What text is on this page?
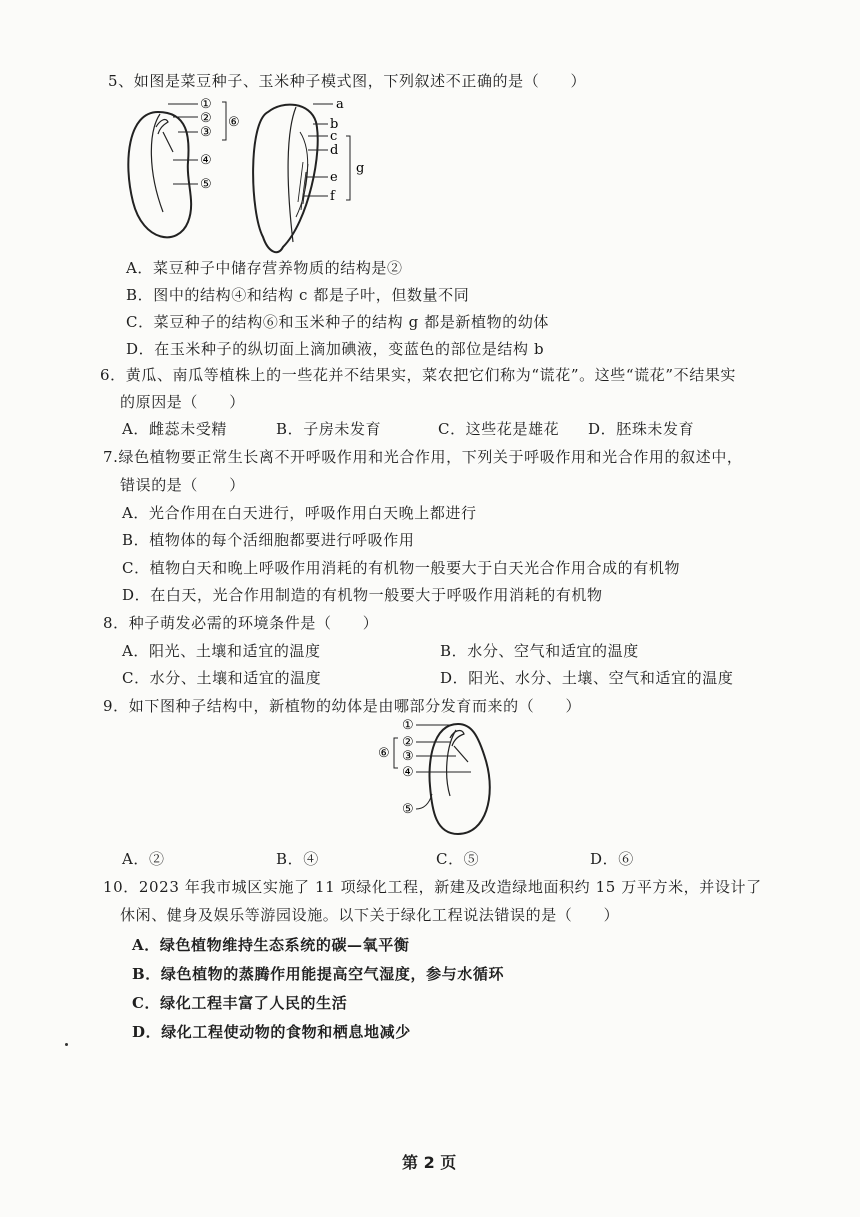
5、如图是菜豆种子、玉米种子模式图，下列叙述不正确的是（　　）
①
②
③
④
⑤
⑥
a
b
c
d
e
f
g
A．菜豆种子中储存营养物质的结构是②
B．图中的结构④和结构 c 都是子叶，但数量不同
C．菜豆种子的结构⑥和玉米种子的结构 g 都是新植物的幼体
D．在玉米种子的纵切面上滴加碘液，变蓝色的部位是结构 b
6．黄瓜、南瓜等植株上的一些花并不结果实，菜农把它们称为“谎花”。这些“谎花”不结果实
的原因是（　　）
A．雌蕊未受精	B．子房未发育	C．这些花是雄花 D．胚珠未发育
7.绿色植物要正常生长离不开呼吸作用和光合作用，下列关于呼吸作用和光合作用的叙述中，
错误的是（　　）
A．光合作用在白天进行，呼吸作用白天晚上都进行
B．植物体的每个活细胞都要进行呼吸作用
C．植物白天和晚上呼吸作用消耗的有机物一般要大于白天光合作用合成的有机物
D．在白天，光合作用制造的有机物一般要大于呼吸作用消耗的有机物
8．种子萌发必需的环境条件是（　　）
A．阳光、土壤和适宜的温度	B．水分、空气和适宜的温度
C．水分、土壤和适宜的温度	D．阳光、水分、土壤、空气和适宜的温度
9．如下图种子结构中，新植物的幼体是由哪部分发育而来的（　　）
①
②
③
④
⑤
⑥
A．②	B．④	C．⑤	D．⑥
10．2023 年我市城区实施了 11 项绿化工程，新建及改造绿地面积约 15 万平方米，并设计了
休闲、健身及娱乐等游园设施。以下关于绿化工程说法错误的是（　　）
A．绿色植物维持生态系统的碳—氧平衡
B．绿色植物的蒸腾作用能提高空气湿度，参与水循环
C．绿化工程丰富了人民的生活
D．绿化工程使动物的食物和栖息地减少
第 2 页
